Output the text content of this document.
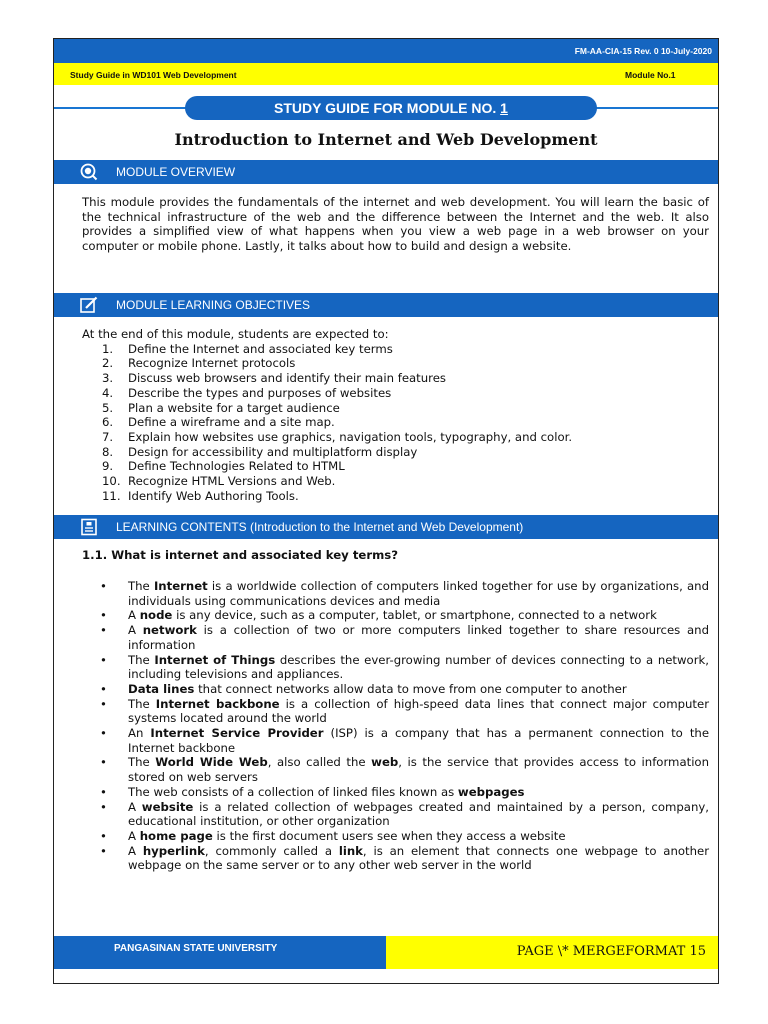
FM-AA-CIA-15 Rev. 0 10-July-2020
Study Guide in WD101 Web Development	Module No.1
STUDY GUIDE FOR MODULE NO. 1
Introduction to Internet and Web Development
MODULE OVERVIEW
This module provides the fundamentals of the internet and web development. You will learn the basic of the technical infrastructure of the web and the difference between the Internet and the web. It also provides a simplified view of what happens when you view a web page in a web browser on your computer or mobile phone. Lastly, it talks about how to build and design a website.
MODULE LEARNING OBJECTIVES
At the end of this module, students are expected to:
1.	Define the Internet and associated key terms
2.	Recognize Internet protocols
3.	Discuss web browsers and identify their main features
4.	Describe the types and purposes of websites
5.	Plan a website for a target audience
6.	Define a wireframe and a site map.
7.	Explain how websites use graphics, navigation tools, typography, and color.
8.	Design for accessibility and multiplatform display
9.	Define Technologies Related to HTML
10. Recognize HTML Versions and Web.
11. Identify Web Authoring Tools.
LEARNING CONTENTS (Introduction to the Internet and Web Development)
1.1. What is internet and associated key terms?
• The Internet is a worldwide collection of computers linked together for use by organizations, and individuals using communications devices and media
• A node is any device, such as a computer, tablet, or smartphone, connected to a network
• A network is a collection of two or more computers linked together to share resources and information
• The Internet of Things describes the ever-growing number of devices connecting to a network, including televisions and appliances.
• Data lines that connect networks allow data to move from one computer to another
• The Internet backbone is a collection of high-speed data lines that connect major computer systems located around the world
• An Internet Service Provider (ISP) is a company that has a permanent connection to the Internet backbone
• The World Wide Web, also called the web, is the service that provides access to information stored on web servers
• The web consists of a collection of linked files known as webpages
• A website is a related collection of webpages created and maintained by a person, company, educational institution, or other organization
• A home page is the first document users see when they access a website
• A hyperlink, commonly called a link, is an element that connects one webpage to another webpage on the same server or to any other web server in the world
PANGASINAN STATE UNIVERSITY	PAGE \* MERGEFORMAT 15
